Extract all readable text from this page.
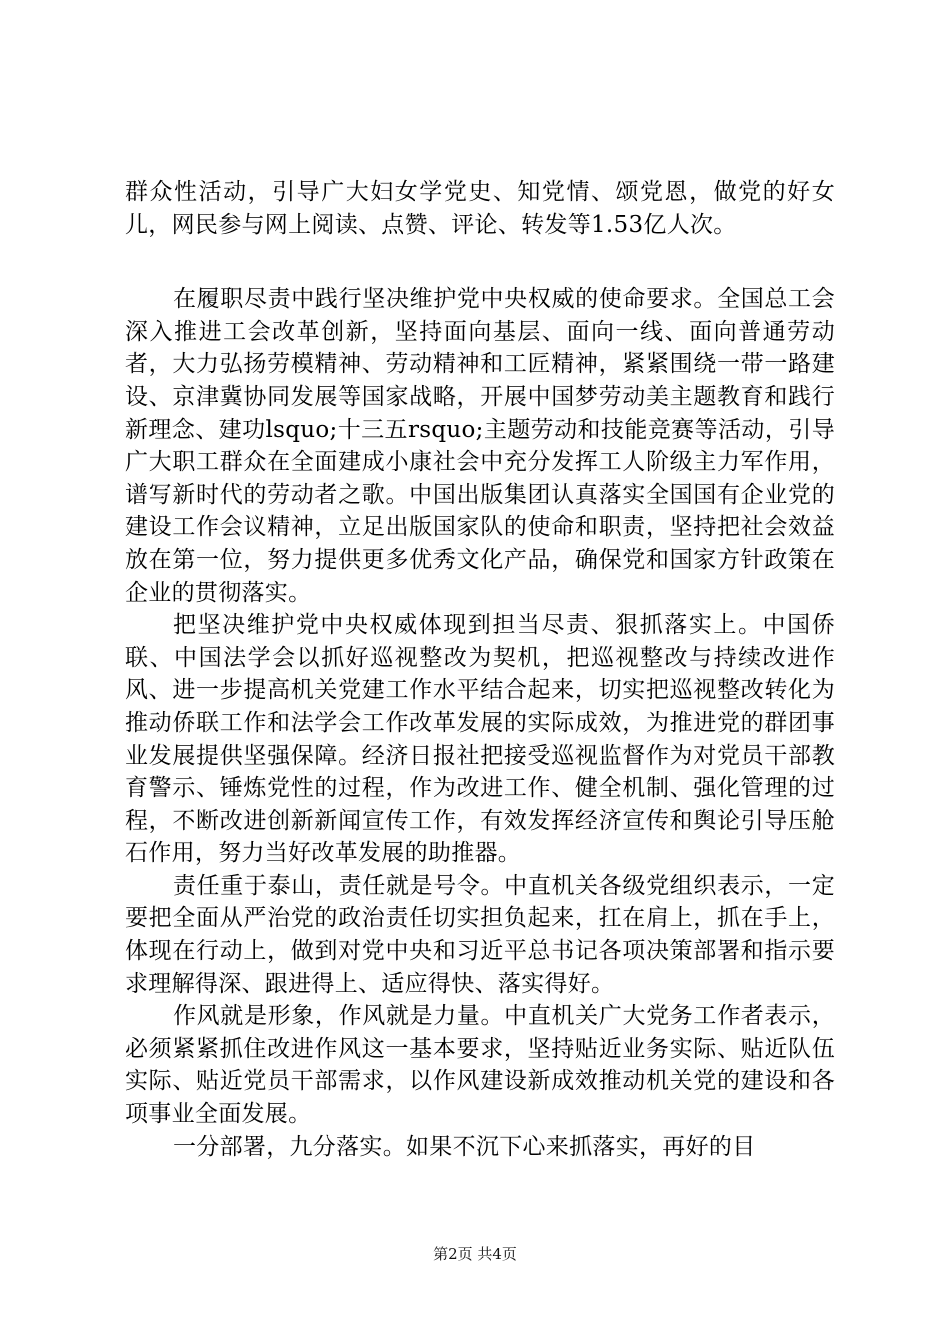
群众性活动，引导广大妇女学党史、知党情、颂党恩，做党的好女儿，网民参与网上阅读、点赞、评论、转发等1.53亿人次。

在履职尽责中践行坚决维护党中央权威的使命要求。全国总工会深入推进工会改革创新，坚持面向基层、面向一线、面向普通劳动者，大力弘扬劳模精神、劳动精神和工匠精神，紧紧围绕一带一路建设、京津冀协同发展等国家战略，开展中国梦劳动美主题教育和践行新理念、建功lsquo;十三五rsquo;主题劳动和技能竞赛等活动，引导广大职工群众在全面建成小康社会中充分发挥工人阶级主力军作用，谱写新时代的劳动者之歌。中国出版集团认真落实全国国有企业党的建设工作会议精神，立足出版国家队的使命和职责，坚持把社会效益放在第一位，努力提供更多优秀文化产品，确保党和国家方针政策在企业的贯彻落实。

把坚决维护党中央权威体现到担当尽责、狠抓落实上。中国侨联、中国法学会以抓好巡视整改为契机，把巡视整改与持续改进作风、进一步提高机关党建工作水平结合起来，切实把巡视整改转化为推动侨联工作和法学会工作改革发展的实际成效，为推进党的群团事业发展提供坚强保障。经济日报社把接受巡视监督作为对党员干部教育警示、锤炼党性的过程，作为改进工作、健全机制、强化管理的过程，不断改进创新新闻宣传工作，有效发挥经济宣传和舆论引导压舱石作用，努力当好改革发展的助推器。

责任重于泰山，责任就是号令。中直机关各级党组织表示，一定要把全面从严治党的政治责任切实担负起来，扛在肩上，抓在手上，体现在行动上，做到对党中央和习近平总书记各项决策部署和指示要求理解得深、跟进得上、适应得快、落实得好。

作风就是形象，作风就是力量。中直机关广大党务工作者表示，必须紧紧抓住改进作风这一基本要求，坚持贴近业务实际、贴近队伍实际、贴近党员干部需求，以作风建设新成效推动机关党的建设和各项事业全面发展。

一分部署，九分落实。如果不沉下心来抓落实，再好的目

第2页 共4页
